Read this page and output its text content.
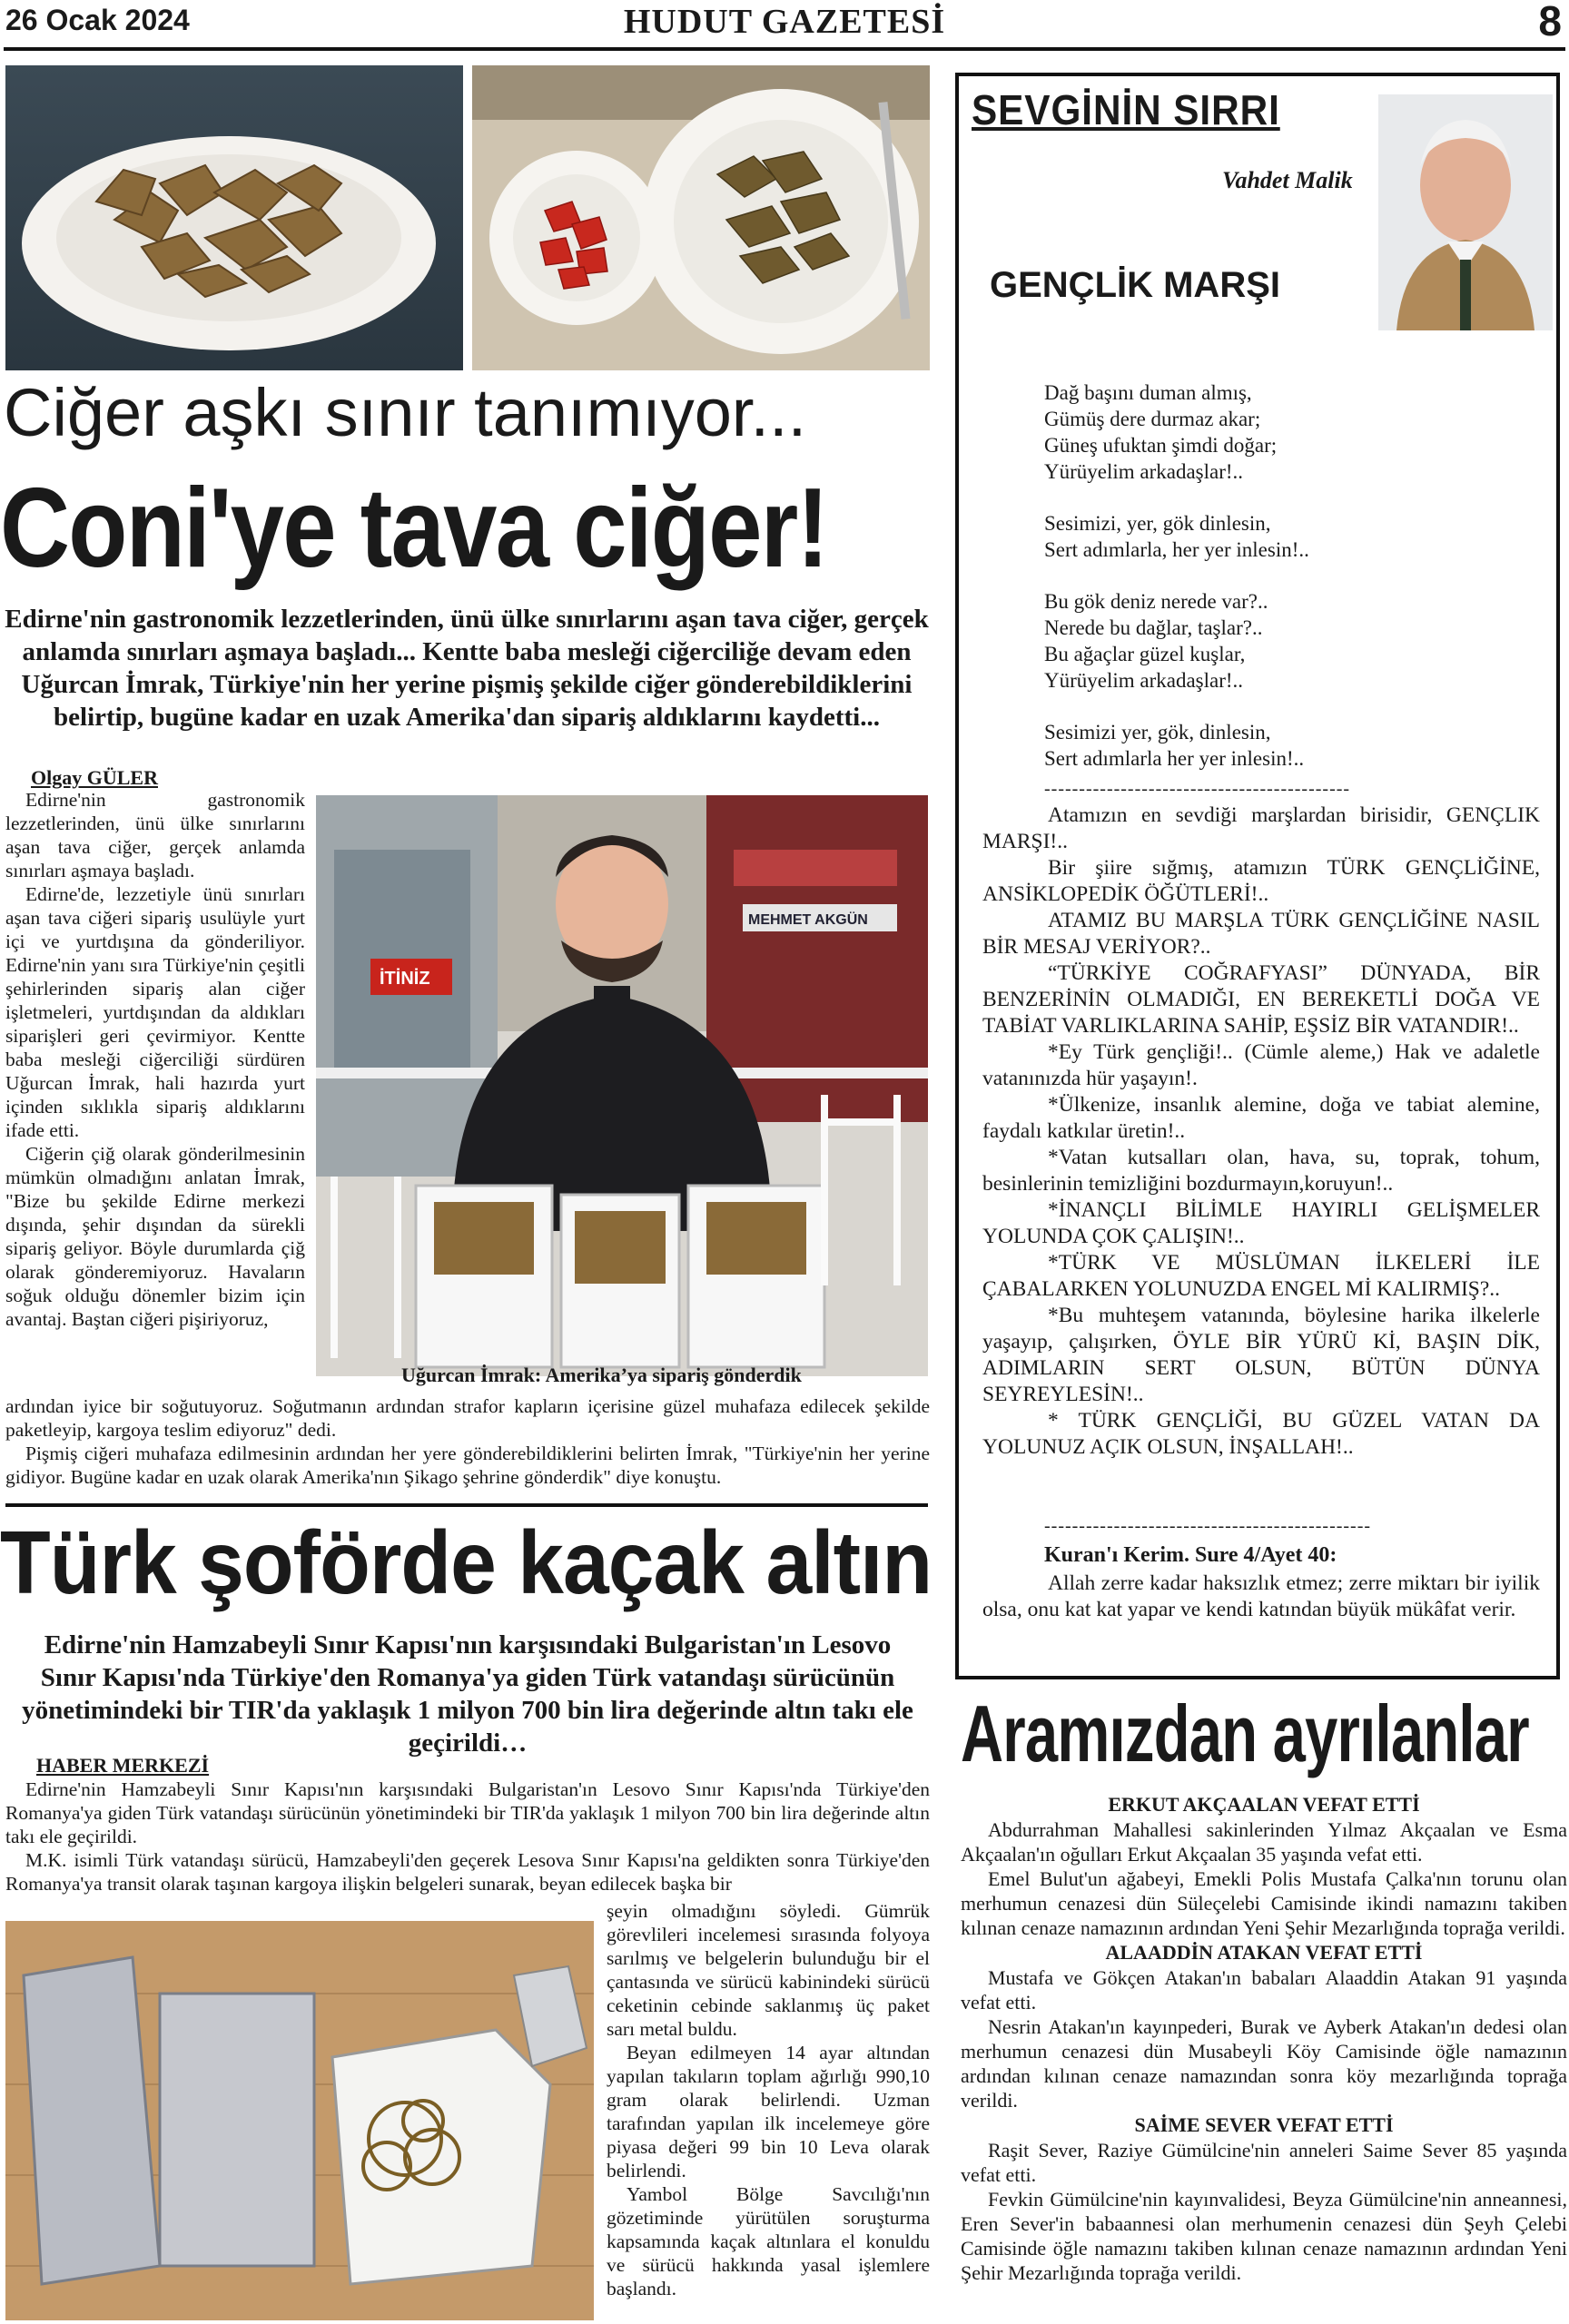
26 Ocak 2024	HUDUT GAZETESİ	8
Ciğer aşkı sınır tanımıyor...
Coni'ye tava ciğer!
Edirne'nin gastronomik lezzetlerinden, ünü ülke sınırlarını aşan tava ciğer, gerçek anlamda sınırları aşmaya başladı... Kentte baba mesleği ciğerciliğe devam eden Uğurcan İmrak, Türkiye'nin her yerine pişmiş şekilde ciğer gönderebildiklerini belirtip, bugüne kadar en uzak Amerika'dan sipariş aldıklarını kaydetti...
Olgay GÜLER

Edirne'nin gastronomik lezzetlerinden, ünü ülke sınırlarını aşan tava ciğer, gerçek anlamda sınırları aşmaya başladı.

Edirne'de, lezzetiyle ünü sınırları aşan tava ciğeri sipariş usulüyle yurt içi ve yurtdışına da gönderiliyor. Edirne'nin yanı sıra Türkiye'nin çeşitli şehirlerinden sipariş alan ciğer işletmeleri, yurtdışından da aldıkları siparişleri geri çevirmiyor. Kentte baba mesleği ciğerciliği sürdüren Uğurcan İmrak, hali hazırda yurt içinden sıklıkla sipariş aldıklarını ifade etti.

Ciğerin çiğ olarak gönderilmesinin mümkün olmadığını anlatan İmrak, "Bize bu şekilde Edirne merkezi dışında, şehir dışından da sürekli sipariş geliyor. Böyle durumlarda çiğ olarak gönderemiyoruz. Havaların soğuk olduğu dönemler bizim için avantaj. Baştan ciğeri pişiriyoruz,

MEHMET AKGÜN
İTİNİZ
Uğurcan İmrak: Amerika’ya sipariş gönderdik

ardından iyice bir soğutuyoruz. Soğutmanın ardından strafor kapların içerisine güzel muhafaza edilecek şekilde paketleyip, kargoya teslim ediyoruz" dedi.

Pişmiş ciğeri muhafaza edilmesinin ardından her yere gönderebildiklerini belirten İmrak, "Türkiye'nin her yerine gidiyor. Bugüne kadar en uzak olarak Amerika'nın Şikago şehrine gönderdik" diye konuştu.

Türk şoförde kaçak altın
Edirne'nin Hamzabeyli Sınır Kapısı'nın karşısındaki Bulgaristan'ın Lesovo Sınır Kapısı'nda Türkiye'den Romanya'ya giden Türk vatandaşı sürücünün yönetimindeki bir TIR'da yaklaşık 1 milyon 700 bin lira değerinde altın takı ele geçirildi…
HABER MERKEZİ

Edirne'nin Hamzabeyli Sınır Kapısı'nın karşısındaki Bulgaristan'ın Lesovo Sınır Kapısı'nda Türkiye'den Romanya'ya giden Türk vatandaşı sürücünün yönetimindeki bir TIR'da yaklaşık 1 milyon 700 bin lira değerinde altın takı ele geçirildi.

M.K. isimli Türk vatandaşı sürücü, Hamzabeyli'den geçerek Lesova Sınır Kapısı'na geldikten sonra Türkiye'den Romanya'ya transit olarak taşınan kargoya ilişkin belgeleri sunarak, beyan edilecek başka bir

şeyin olmadığını söyledi. Gümrük görevlileri incelemesi sırasında folyoya sarılmış ve belgelerin bulunduğu bir el çantasında ve sürücü kabinindeki sürücü ceketinin cebinde saklanmış üç paket sarı metal buldu.

Beyan edilmeyen 14 ayar altından yapılan takıların toplam ağırlığı 990,10 gram olarak belirlendi. Uzman tarafından yapılan ilk incelemeye göre piyasa değeri 99 bin 10 Leva olarak belirlendi.

Yambol Bölge Savcılığı'nın gözetiminde yürütülen soruşturma kapsamında kaçak altınlara el konuldu ve sürücü hakkında yasal işlemlere başlandı.

SEVGİNİN SIRRI
Vahdet Malik
GENÇLİK MARŞI

Dağ başını duman almış,
Gümüş dere durmaz akar;
Güneş ufuktan şimdi doğar;
Yürüyelim arkadaşlar!..

Sesimizi, yer, gök dinlesin,
Sert adımlarla, her yer inlesin!..

Bu gök deniz nerede var?..
Nerede bu dağlar, taşlar?..
Bu ağaçlar güzel kuşlar,
Yürüyelim arkadaşlar!..

Sesimizi yer, gök, dinlesin,
Sert adımlarla her yer inlesin!..

--------------------------------------------

Atamızın en sevdiği marşlardan birisidir, GENÇLIK MARŞI!..

Bir şiire sığmış, atamızın TÜRK GENÇLİĞİNE, ANSİKLOPEDİK ÖĞÜTLERİ!..

ATAMIZ BU MARŞLA TÜRK GENÇLİĞİNE NASIL BİR MESAJ VERİYOR?..

“TÜRKİYE COĞRAFYASI” DÜNYADA, BİR BENZERİNİN OLMADIĞI, EN BEREKETLİ DOĞA VE TABİAT VARLIKLARINA SAHİP, EŞSİZ BİR VATANDIR!..

*Ey Türk gençliği!.. (Cümle aleme,) Hak ve adaletle vatanınızda hür yaşayın!.

*Ülkenize, insanlık alemine, doğa ve tabiat alemine, faydalı katkılar üretin!..

*Vatan kutsalları olan, hava, su, toprak, tohum, besinlerinin temizliğini bozdurmayın,koruyun!..

*İNANÇLI BİLİMLE HAYIRLI GELİŞMELER YOLUNDA ÇOK ÇALIŞIN!..

*TÜRK VE MÜSLÜMAN İLKELERİ İLE ÇABALARKEN YOLUNUZDA ENGEL Mİ KALIRMIŞ?..

*Bu muhteşem vatanında, böylesine harika ilkelerle yaşayıp, çalışırken, ÖYLE BİR YÜRÜ Kİ, BAŞIN DİK, ADIMLARIN SERT OLSUN, BÜTÜN DÜNYA SEYREYLESİN!..

* TÜRK GENÇLİĞİ, BU GÜZEL VATAN DA YOLUNUZ AÇIK OLSUN, İNŞALLAH!..

-----------------------------------------------
Kuran'ı Kerim. Sure 4/Ayet 40:
Allah zerre kadar haksızlık etmez; zerre miktarı bir iyilik olsa, onu kat kat yapar ve kendi katından büyük mükâfat verir.
Aramızdan ayrılanlar
ERKUT AKÇAALAN VEFAT ETTİ

Abdurrahman Mahallesi sakinlerinden Yılmaz Akçaalan ve Esma Akçaalan'ın oğulları Erkut Akçaalan 35 yaşında vefat etti.

Emel Bulut'un ağabeyi, Emekli Polis Mustafa Çalka'nın torunu olan merhumun cenazesi dün Süleçelebi Camisinde ikindi namazını takiben kılınan cenaze namazının ardından Yeni Şehir Mezarlığında toprağa verildi.

ALAADDİN ATAKAN VEFAT ETTİ

Mustafa ve Gökçen Atakan'ın babaları Alaaddin Atakan 91 yaşında vefat etti.

Nesrin Atakan'ın kayınpederi, Burak ve Ayberk Atakan'ın dedesi olan merhumun cenazesi dün Musabeyli Köy Camisinde öğle namazının ardından kılınan cenaze namazından sonra köy mezarlığında toprağa verildi.

SAİME SEVER VEFAT ETTİ

Raşit Sever, Raziye Gümülcine'nin anneleri Saime Sever 85 yaşında vefat etti.

Fevkin Gümülcine'nin kayınvalidesi, Beyza Gümülcine'nin anneannesi, Eren Sever'in babaannesi olan merhumenin cenazesi dün Şeyh Çelebi Camisinde öğle namazını takiben kılınan cenaze namazının ardından Yeni Şehir Mezarlığında toprağa verildi.
